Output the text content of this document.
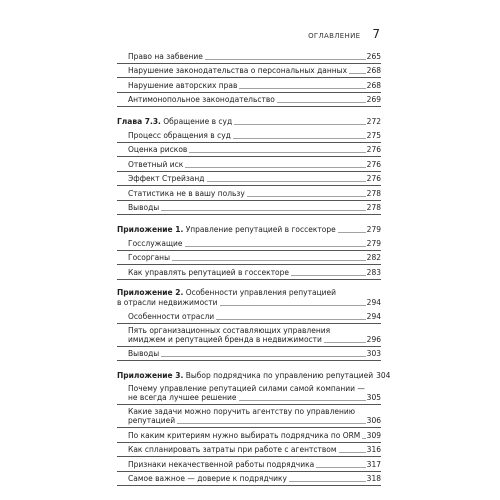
ОГЛАВЛЕНИЕ 7
Право на забвение	265
Нарушение законодательства о персональных данных	268
Нарушение авторских прав	268
Антимонопольное законодательство	269
Глава 7.3. Обращение в суд	272
Процесс обращения в суд	275
Оценка рисков	276
Ответный иск	276
Эффект Стрейзанд	276
Статистика не в вашу пользу	278
Выводы	278
Приложение 1. Управление репутацией в госсекторе	279
Госслужащие	279
Госорганы	282
Как управлять репутацией в госсекторе	283
Приложение 2. Особенности управления репутацией
в отрасли недвижимости	294
Особенности отрасли	294
Пять организационных составляющих управления
имиджем и репутацией бренда в недвижимости	296
Выводы	303
Приложение 3. Выбор подрядчика по управлению репутацией 304
Почему управление репутацией силами самой компании —
не всегда лучшее решение	305
Какие задачи можно поручить агентству по управлению
репутацией	306
По каким критериям нужно выбирать подрядчика по ORM 309
Как спланировать затраты при работе с агентством	316
Признаки некачественной работы подрядчика	317
Самое важное — доверие к подрядчику	318
